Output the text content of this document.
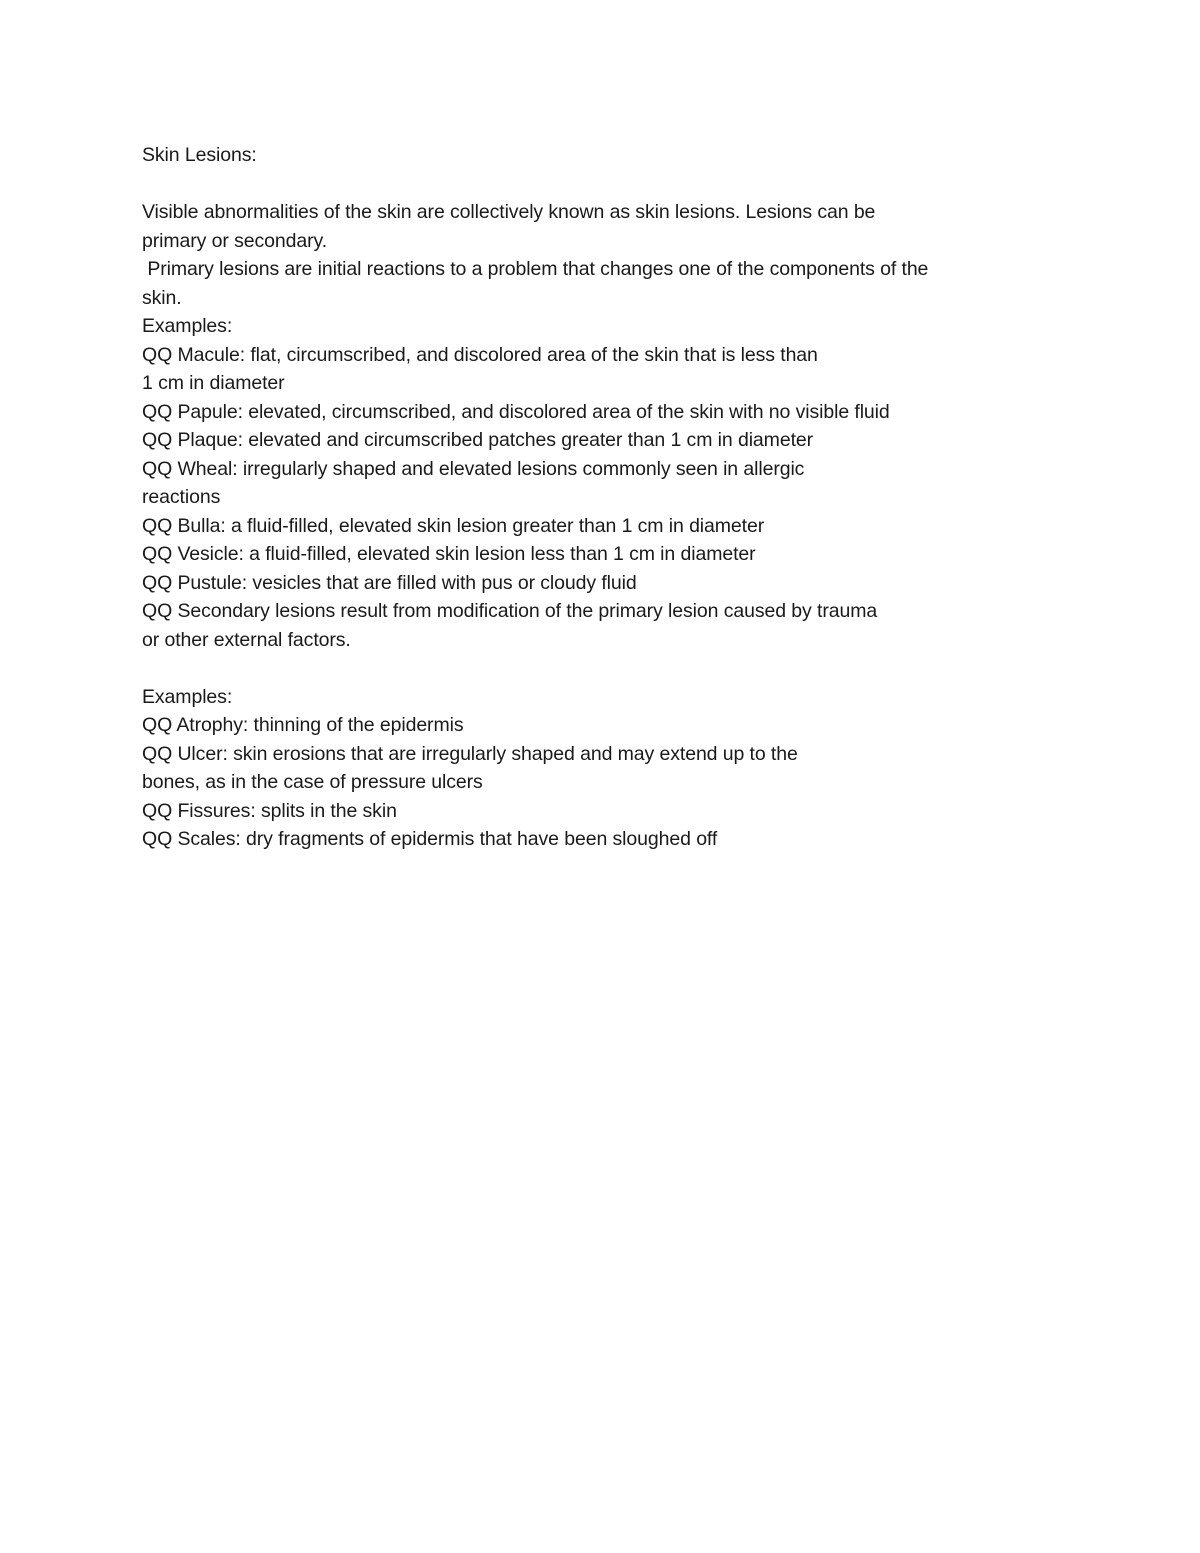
Skin Lesions:
Visible abnormalities of the skin are collectively known as skin lesions. Lesions can be
primary or secondary.
Primary lesions are initial reactions to a problem that changes one of the components of the
skin.
Examples:
QQ Macule: flat, circumscribed, and discolored area of the skin that is less than
1 cm in diameter
QQ Papule: elevated, circumscribed, and discolored area of the skin with no visible fluid
QQ Plaque: elevated and circumscribed patches greater than 1 cm in diameter
QQ Wheal: irregularly shaped and elevated lesions commonly seen in allergic
reactions
QQ Bulla: a fluid-filled, elevated skin lesion greater than 1 cm in diameter
QQ Vesicle: a fluid-filled, elevated skin lesion less than 1 cm in diameter
QQ Pustule: vesicles that are filled with pus or cloudy fluid
QQ Secondary lesions result from modification of the primary lesion caused by trauma
or other external factors.
Examples:
QQ Atrophy: thinning of the epidermis
QQ Ulcer: skin erosions that are irregularly shaped and may extend up to the
bones, as in the case of pressure ulcers
QQ Fissures: splits in the skin
QQ Scales: dry fragments of epidermis that have been sloughed off
